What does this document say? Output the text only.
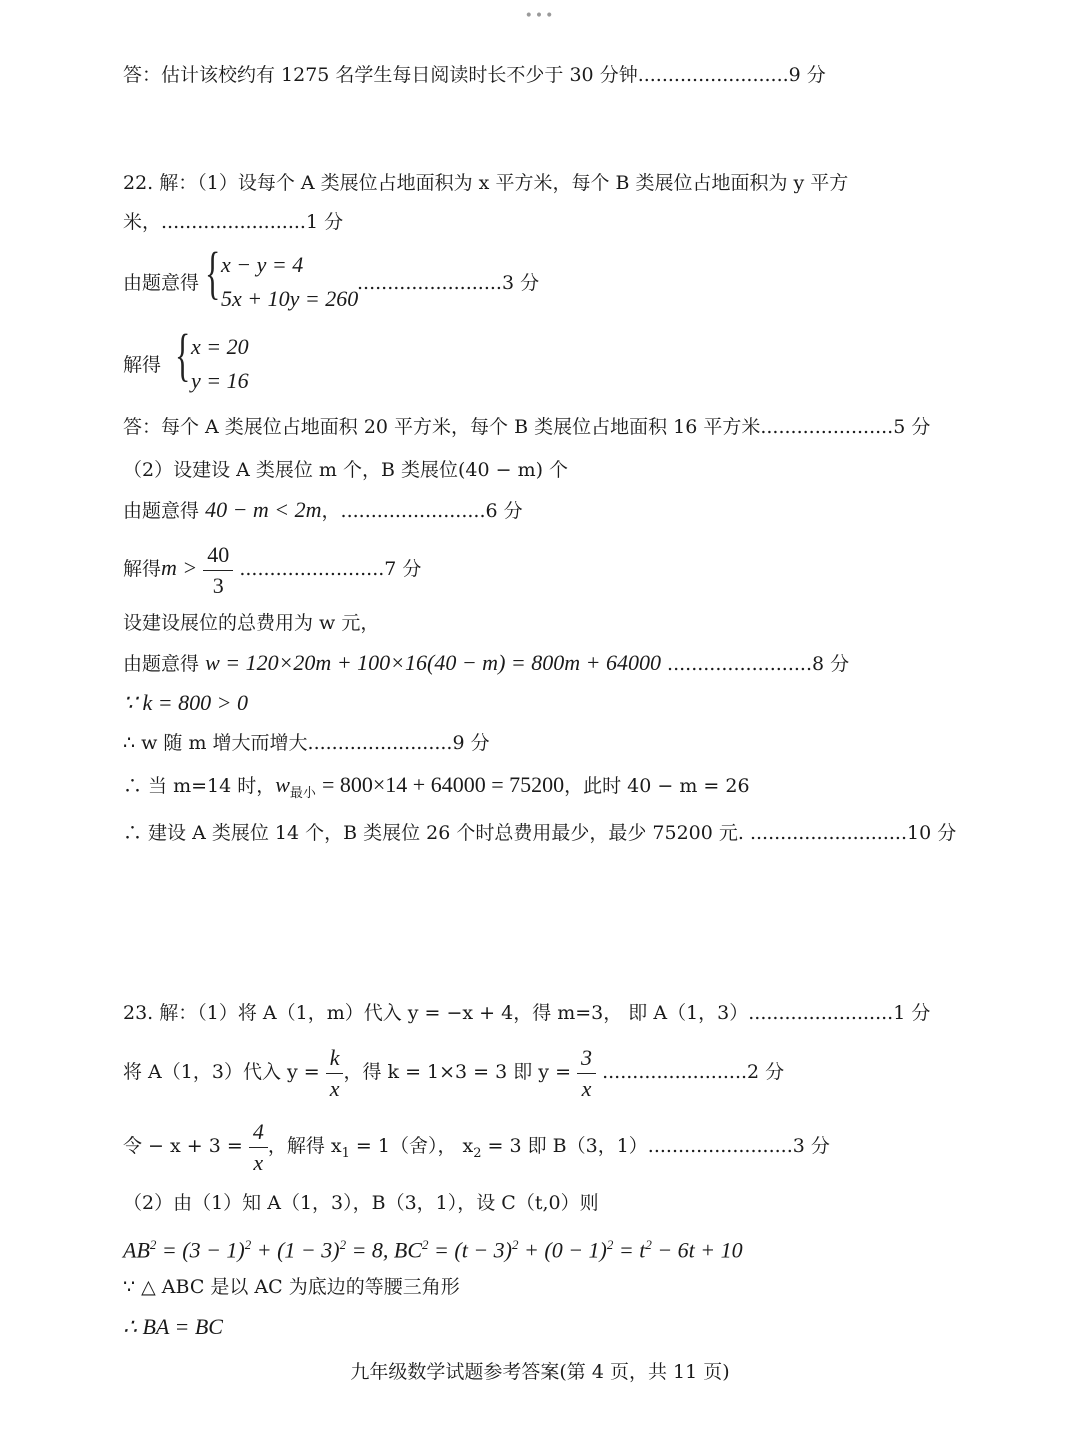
•••
答：估计该校约有 1275 名学生每日阅读时长不少于 30 分钟.........................9 分
22. 解：（1）设每个 A 类展位占地面积为 x 平方米，每个 B 类展位占地面积为 y 平方
米，........................1 分
由题意得 { x − y = 4
5x + 10y = 260
........................3 分
解得 { x = 20
y = 16
答：每个 A 类展位占地面积 20 平方米，每个 B 类展位占地面积 16 平方米......................5 分
（2）设建设 A 类展位 m 个，B 类展位(40 − m) 个
由题意得 40 − m < 2m，........................6 分
解得$m > \frac{40}{3} ........................7$ 分
设建设展位的总费用为 w 元，
由题意得 w = 120×20m + 100×16(40 − m) = 800m + 64000 ........................8 分
∵ k = 800 > 0
∴ w 随 m 增大而增大........................9 分
∴ 当 m=14 时，$w_{最小} = 800\times 14 + 64000 = 75200$，此时 40 − m = 26
∴ 建设 A 类展位 14 个，B 类展位 26 个时总费用最少，最少 75200 元. ..........................10 分
23. 解：（1）将 A（1，m）代入 y = −x + 4，得 m=3， 即 A（1，3）........................1 分
将 A（1，3）代入 $y = \frac{k}{x}$ ，得 k = 1×3 = 3 即 $y = \frac{3}{x} ........................2$ 分
令 − $x + 3 = \frac{4}{x}$ ，解得 $x_1 = 1$（舍）， $x_2 = 3$ 即 B（3，1）........................3 分
（2）由（1）知 A（1，3），B（3，1），设 C（t,0）则
$AB^2 = (3 - 1)^2 + (1 - 3)^2 = 8$, $BC^2 = (t - 3)^2 + (0 - 1)^2 = t^2 - 6t + 10$
∵ △ ABC 是以 AC 为底边的等腰三角形
∴ BA = BC
九年级数学试题参考答案(第 4 页，共 11 页)
